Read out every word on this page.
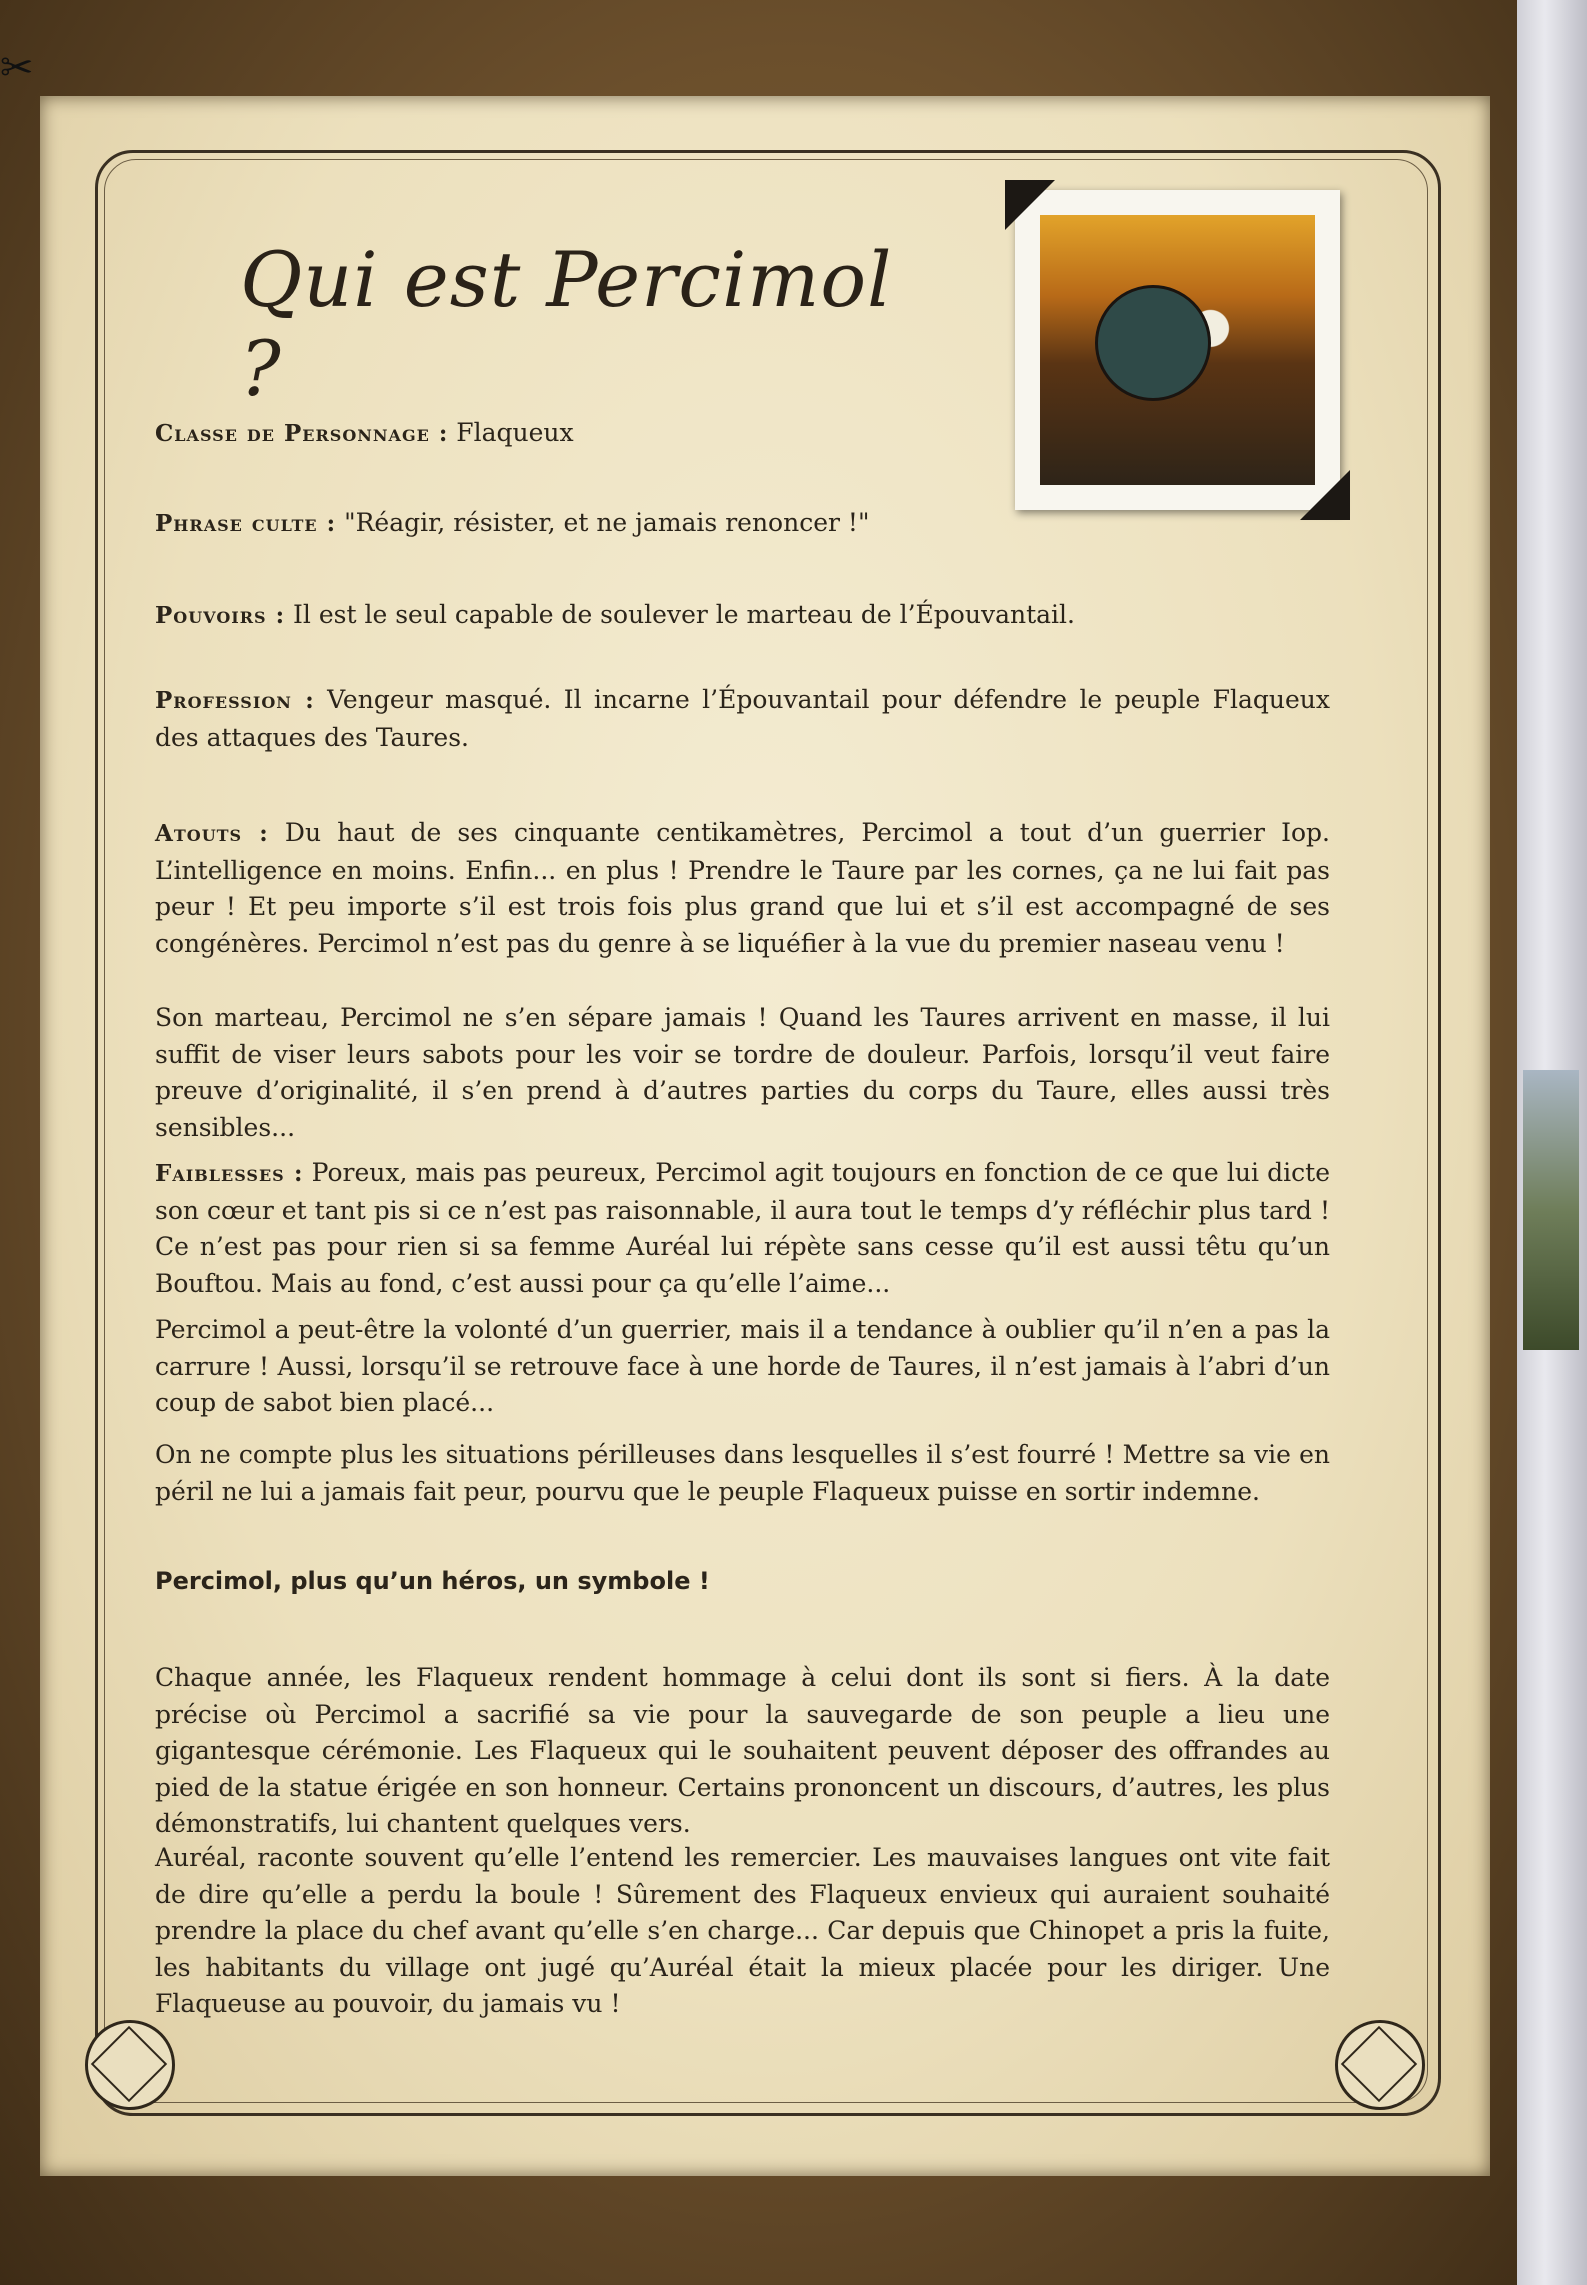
✂
Qui est Percimol ?
Classe de Personnage : Flaqueux
Phrase culte : "Réagir, résister, et ne jamais renoncer !"
Pouvoirs : Il est le seul capable de soulever le marteau de l’Épouvantail.
Profession : Vengeur masqué. Il incarne l’Épouvantail pour défendre le peuple Flaqueux des attaques des Taures.
Atouts : Du haut de ses cinquante centikamètres, Percimol a tout d’un guerrier Iop. L’intelligence en moins. Enfin... en plus ! Prendre le Taure par les cornes, ça ne lui fait pas peur ! Et peu importe s’il est trois fois plus grand que lui et s’il est accompagné de ses congénères. Percimol n’est pas du genre à se liquéfier à la vue du premier naseau venu !
Son marteau, Percimol ne s’en sépare jamais ! Quand les Taures arrivent en masse, il lui suffit de viser leurs sabots pour les voir se tordre de douleur. Parfois, lorsqu’il veut faire preuve d’originalité, il s’en prend à d’autres parties du corps du Taure, elles aussi très sensibles...
Faiblesses : Poreux, mais pas peureux, Percimol agit toujours en fonction de ce que lui dicte son cœur et tant pis si ce n’est pas raisonnable, il aura tout le temps d’y réfléchir plus tard ! Ce n’est pas pour rien si sa femme Auréal lui répète sans cesse qu’il est aussi têtu qu’un Bouftou. Mais au fond, c’est aussi pour ça qu’elle l’aime...
Percimol a peut-être la volonté d’un guerrier, mais il a tendance à oublier qu’il n’en a pas la carrure ! Aussi, lorsqu’il se retrouve face à une horde de Taures, il n’est jamais à l’abri d’un coup de sabot bien placé...
On ne compte plus les situations périlleuses dans lesquelles il s’est fourré ! Mettre sa vie en péril ne lui a jamais fait peur, pourvu que le peuple Flaqueux puisse en sortir indemne.
Percimol, plus qu’un héros, un symbole !
Chaque année, les Flaqueux rendent hommage à celui dont ils sont si fiers. À la date précise où Percimol a sacrifié sa vie pour la sauvegarde de son peuple a lieu une gigantesque cérémonie. Les Flaqueux qui le souhaitent peuvent déposer des offrandes au pied de la statue érigée en son honneur. Certains prononcent un discours, d’autres, les plus démonstratifs, lui chantent quelques vers.
Auréal, raconte souvent qu’elle l’entend les remercier. Les mauvaises langues ont vite fait de dire qu’elle a perdu la boule ! Sûrement des Flaqueux envieux qui auraient souhaité prendre la place du chef avant qu’elle s’en charge... Car depuis que Chinopet a pris la fuite, les habitants du village ont jugé qu’Auréal était la mieux placée pour les diriger. Une Flaqueuse au pouvoir, du jamais vu !
